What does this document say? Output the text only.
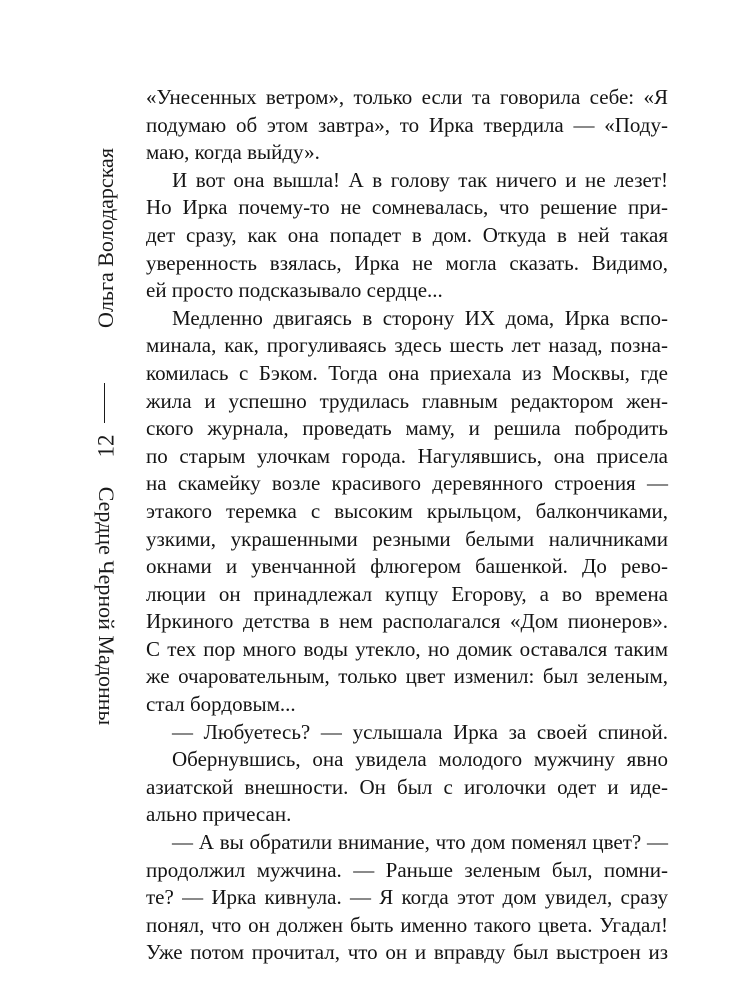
Ольга Володарская
12
Сердце Черной Мадонны
«Унесенных ветром», только если та говорила себе: «Я
подумаю об этом завтра», то Ирка твердила — «Поду-
маю, когда выйду».
И вот она вышла! А в голову так ничего и не лезет!
Но Ирка почему-то не сомневалась, что решение при-
дет сразу, как она попадет в дом. Откуда в ней такая
уверенность взялась, Ирка не могла сказать. Видимо,
ей просто подсказывало сердце...
Медленно двигаясь в сторону ИХ дома, Ирка вспо-
минала, как, прогуливаясь здесь шесть лет назад, позна-
комилась с Бэком. Тогда она приехала из Москвы, где
жила и успешно трудилась главным редактором жен-
ского журнала, проведать маму, и решила побродить
по старым улочкам города. Нагулявшись, она присела
на скамейку возле красивого деревянного строения —
этакого теремка с высоким крыльцом, балкончиками,
узкими, украшенными резными белыми наличниками
окнами и увенчанной флюгером башенкой. До рево-
люции он принадлежал купцу Егорову, а во времена
Иркиного детства в нем располагался «Дом пионеров».
С тех пор много воды утекло, но домик оставался таким
же очаровательным, только цвет изменил: был зеленым,
стал бордовым...
— Любуетесь? — услышала Ирка за своей спиной.
Обернувшись, она увидела молодого мужчину явно
азиатской внешности. Он был с иголочки одет и иде-
ально причесан.
— А вы обратили внимание, что дом поменял цвет? —
продолжил мужчина. — Раньше зеленым был, помни-
те? — Ирка кивнула. — Я когда этот дом увидел, сразу
понял, что он должен быть именно такого цвета. Угадал!
Уже потом прочитал, что он и вправду был выстроен из
